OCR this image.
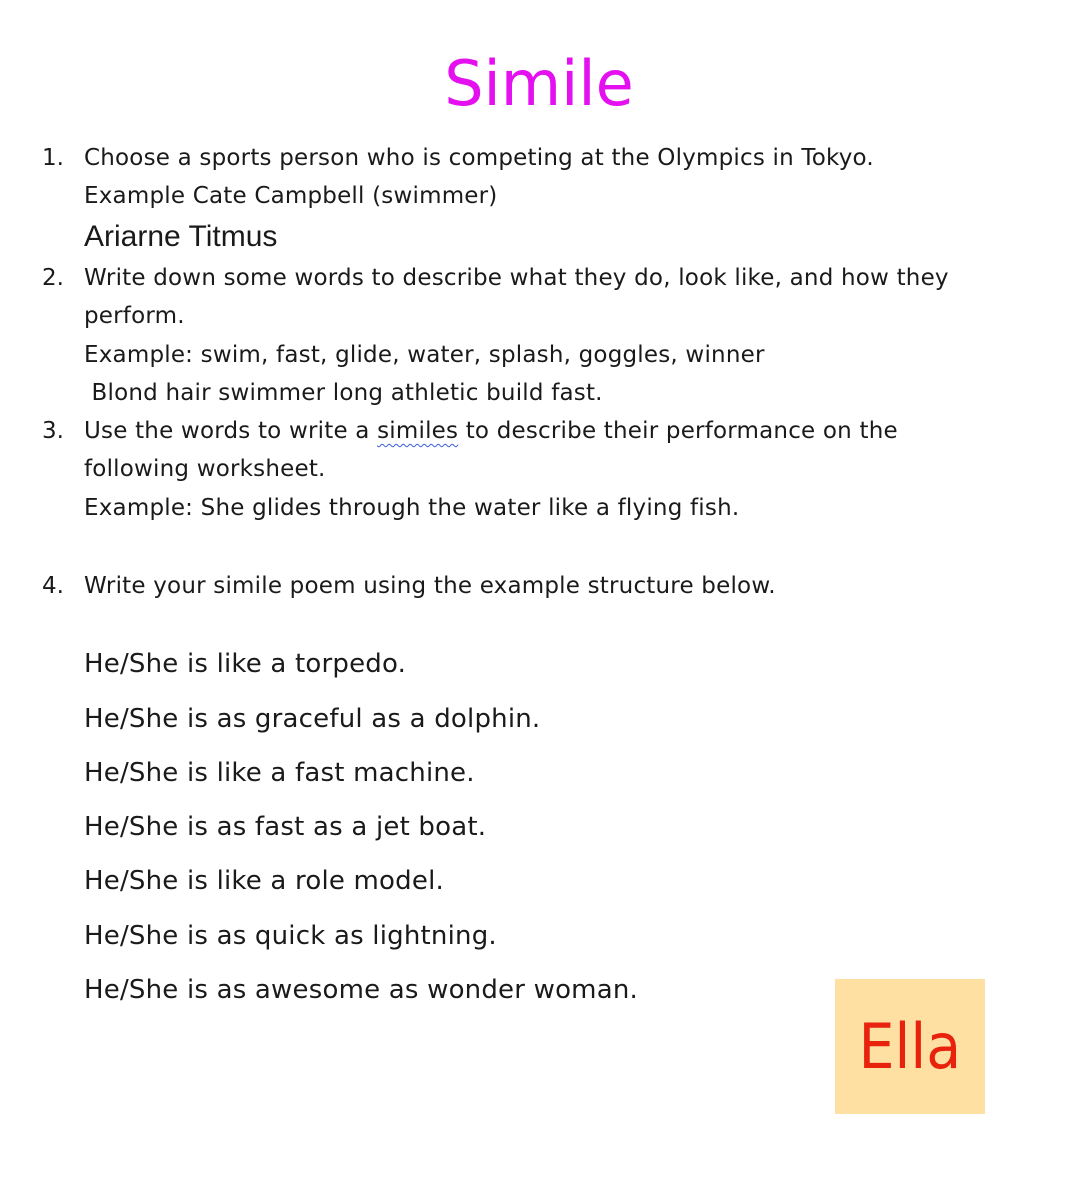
Simile
1. Choose a sports person who is competing at the Olympics in Tokyo.
Example Cate Campbell (swimmer)
Ariarne Titmus
2. Write down some words to describe what they do, look like, and how they
perform.
Example: swim, fast, glide, water, splash, goggles, winner
Blond hair swimmer long athletic build fast.
3. Use the words to write a similes to describe their performance on the
following worksheet.
Example: She glides through the water like a flying fish.
4. Write your simile poem using the example structure below.
He/She is like a torpedo.
He/She is as graceful as a dolphin.
He/She is like a fast machine.
He/She is as fast as a jet boat.
He/She is like a role model.
He/She is as quick as lightning.
He/She is as awesome as wonder woman.
Ella
